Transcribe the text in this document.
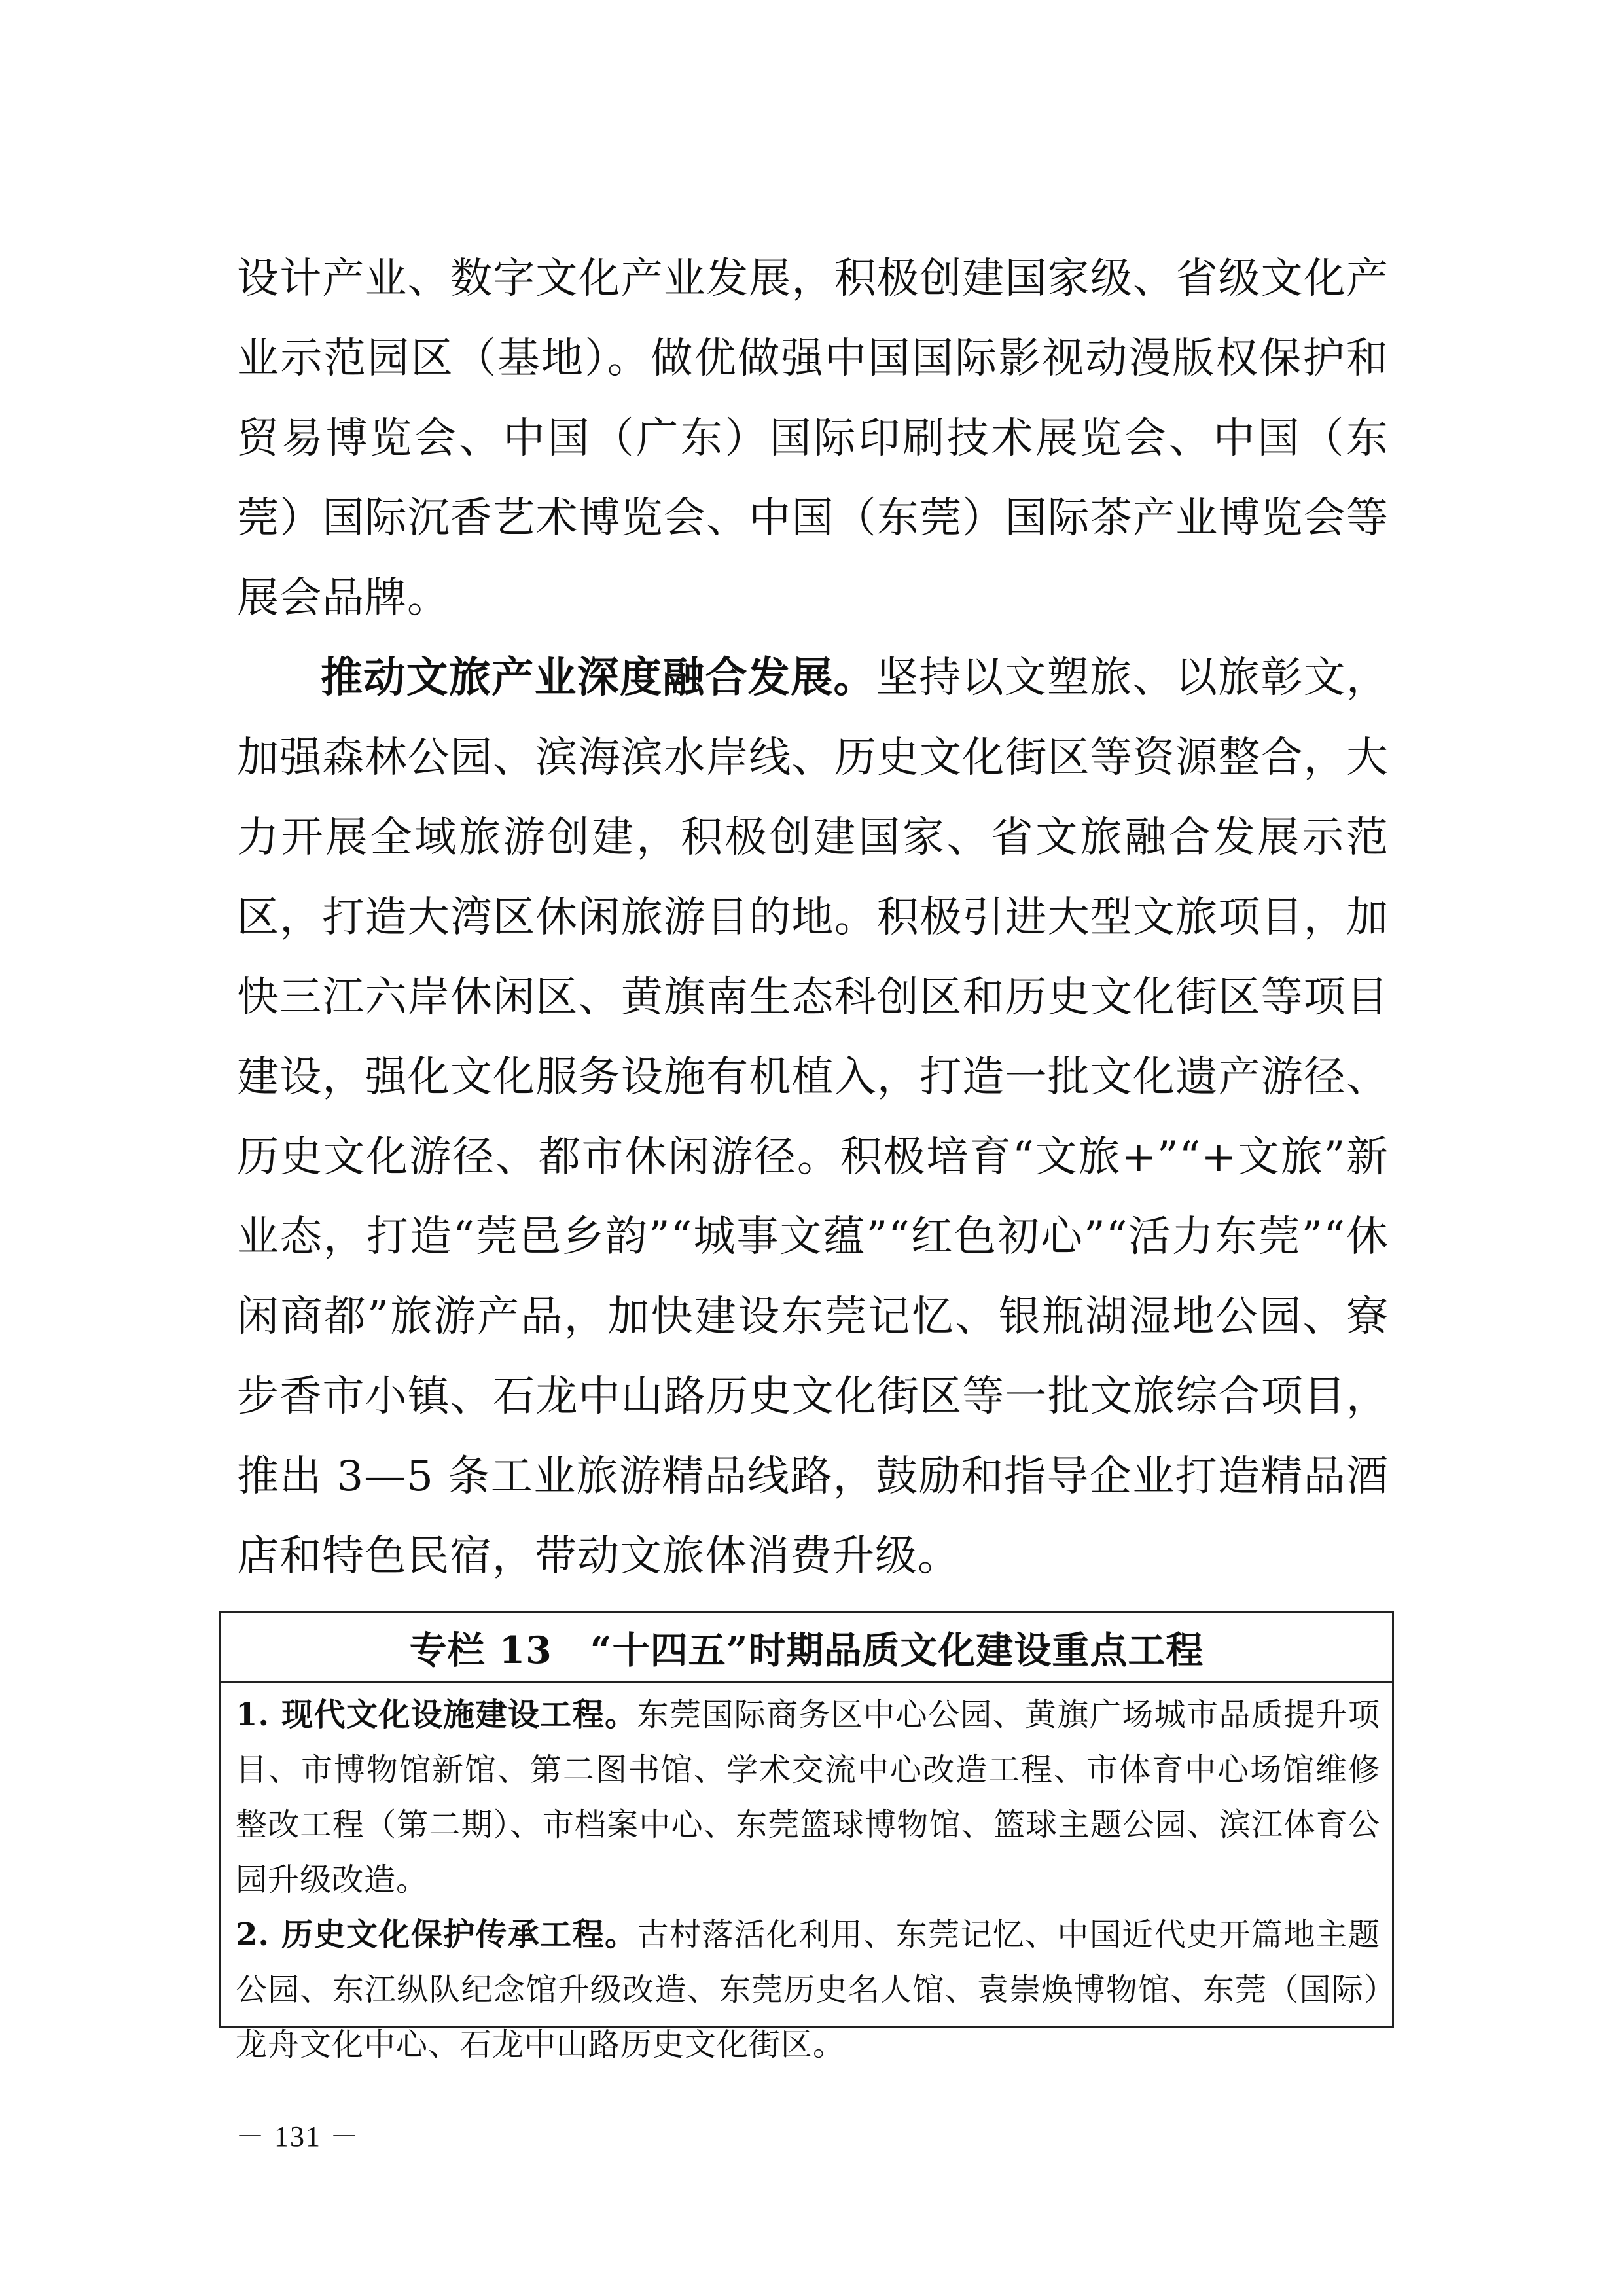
设计产业、数字文化产业发展，积极创建国家级、省级文化产业示范园区（基地）。做优做强中国国际影视动漫版权保护和贸易博览会、中国（广东）国际印刷技术展览会、中国（东莞）国际沉香艺术博览会、中国（东莞）国际茶产业博览会等展会品牌。

推动文旅产业深度融合发展。坚持以文塑旅、以旅彰文，加强森林公园、滨海滨水岸线、历史文化街区等资源整合，大力开展全域旅游创建，积极创建国家、省文旅融合发展示范区，打造大湾区休闲旅游目的地。积极引进大型文旅项目，加快三江六岸休闲区、黄旗南生态科创区和历史文化街区等项目建设，强化文化服务设施有机植入，打造一批文化遗产游径、历史文化游径、都市休闲游径。积极培育“文旅+”“+文旅”新业态，打造“莞邑乡韵”“城事文蕴”“红色初心”“活力东莞”“休闲商都”旅游产品，加快建设东莞记忆、银瓶湖湿地公园、寮步香市小镇、石龙中山路历史文化街区等一批文旅综合项目，推出 3—5 条工业旅游精品线路，鼓励和指导企业打造精品酒店和特色民宿，带动文旅体消费升级。

专栏 13　“十四五”时期品质文化建设重点工程

1. 现代文化设施建设工程。东莞国际商务区中心公园、黄旗广场城市品质提升项目、市博物馆新馆、第二图书馆、学术交流中心改造工程、市体育中心场馆维修整改工程（第二期）、市档案中心、东莞篮球博物馆、篮球主题公园、滨江体育公园升级改造。

2. 历史文化保护传承工程。古村落活化利用、东莞记忆、中国近代史开篇地主题公园、东江纵队纪念馆升级改造、东莞历史名人馆、袁崇焕博物馆、东莞（国际）龙舟文化中心、石龙中山路历史文化街区。

－ 131 －
